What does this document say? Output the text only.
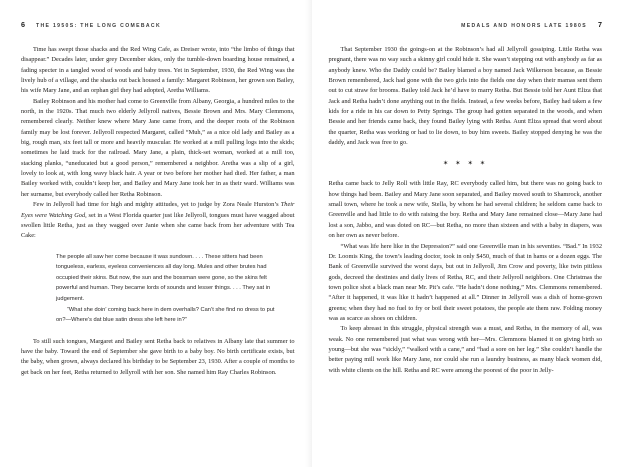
6 THE 1950S: THE LONG COMEBACK

Time has swept those shacks and the Red Wing Cafe, as Dreiser wrote, into “the limbo of things that disappear.” Decades later, under grey December skies, only the tumble-down boarding house remained, a fading specter in a tangled wood of woods and baby trees. Yet in September, 1930, the Red Wing was the lively hub of a village, and the shacks out back housed a family: Margaret Robinson, her grown son Bailey, his wife Mary Jane, and an orphan girl they had adopted, Aretha Williams.

Bailey Robinson and his mother had come to Greenville from Albany, Georgia, a hundred miles to the north, in the 1920s. That much two elderly Jellyroll natives, Bessie Brown and Mrs. Mary Clemmons, remembered clearly. Neither knew where Mary Jane came from, and the deeper roots of the Robinson family may be lost forever. Jellyroll respected Margaret, called “Muh,” as a nice old lady and Bailey as a big, rough man, six feet tall or more and heavily muscular. He worked at a mill pulling logs into the skids; sometimes he laid track for the railroad. Mary Jane, a plain, thick-set woman, worked at a mill too, stacking planks, “uneducated but a good person,” remembered a neighbor. Aretha was a slip of a girl, lovely to look at, with long wavy black hair. A year or two before her mother had died. Her father, a man Bailey worked with, couldn’t keep her, and Bailey and Mary Jane took her in as their ward. Williams was her surname, but everybody called her Retha Robinson.

Few in Jellyroll had time for high and mighty attitudes, yet to judge by Zora Neale Hurston’s Their Eyes were Watching God, set in a West Florida quarter just like Jellyroll, tongues must have wagged about swollen little Retha, just as they wagged over Janie when she came back from her adventure with Tea Cake:

The people all saw her come because it was sundown. . . . These sitters had been tongueless, earless, eyeless conveniences all day long. Mules and other brutes had occupied their skins. But now, the sun and the bossman were gone, so the skins felt powerful and human. They became lords of sounds and lesser things. . . . They sat in judgement.

“What she doin’ coming back here in dem overhalls? Can’t she find no dress to put on?—Where’s dat blue satin dress she left here in?”

To still such tongues, Margaret and Bailey sent Retha back to relatives in Albany late that summer to have the baby. Toward the end of September she gave birth to a baby boy. No birth certificate exists, but the baby, when grown, always declared his birthday to be September 23, 1930. After a couple of months to get back on her feet, Retha returned to Jellyroll with her son. She named him Ray Charles Robinson.

MEDALS AND HONORS LATE 1980S 7

That September 1930 the goings-on at the Robinson’s had all Jellyroll gossiping. Little Retha was pregnant, there was no way such a skinny girl could hide it. She wasn’t stepping out with anybody as far as anybody knew. Who the Daddy could be? Bailey blamed a boy named Jack Wilkerson because, as Bessie Brown remembered, Jack had gone with the two girls into the fields one day when their mamas sent them out to cut straw for brooms. Bailey told Jack he’d have to marry Retha. But Bessie told her Aunt Eliza that Jack and Retha hadn’t done anything out in the fields. Instead, a few weeks before, Bailey had taken a few kids for a ride in his car down to Petty Springs. The group had gotten separated in the woods, and when Bessie and her friends came back, they found Bailey lying with Retha. Aunt Eliza spread that word about the quarter, Retha was working or had to lie down, to buy him sweets. Bailey stopped denying he was the daddy, and Jack was free to go.

✶ ✶ ✶ ✶

Retha came back to Jelly Roll with little Ray, RC everybody called him, but there was no going back to how things had been. Bailey and Mary Jane soon separated, and Bailey moved south to Shamrock, another small town, where he took a new wife, Stella, by whom he had several children; he seldom came back to Greenville and had little to do with raising the boy. Retha and Mary Jane remained close—Mary Jane had lost a son, Jabbo, and was doted on RC—but Retha, no more than sixteen and with a baby in diapers, was on her own as never before.

“What was life here like in the Depression?” said one Greenville man in his seventies. “Bad.” In 1932 Dr. Loomis King, the town’s leading doctor, took in only $450, much of that in hams or a dozen eggs. The Bank of Greenville survived the worst days, but out in Jellyroll, Jim Crow and poverty, like twin pitiless gods, decreed the destinies and daily lives of Retha, RC, and their Jellyroll neighbors. One Christmas the town police shot a black man near Mr. Pit’s cafe. “He hadn’t done nothing,” Mrs. Clemmons remembered. “After it happened, it was like it hadn’t happened at all.” Dinner in Jellyroll was a dish of home-grown greens; when they had no fuel to fry or boil their sweet potatoes, the people ate them raw. Folding money was as scarce as shoes on children.

To keep abreast in this struggle, physical strength was a must, and Retha, in the memory of all, was weak. No one remembered just what was wrong with her—Mrs. Clemmons blamed it on giving birth so young—but she was “sickly,” “walked with a cane,” and “had a sore on her leg.” She couldn’t handle the better paying mill work like Mary Jane, nor could she run a laundry business, as many black women did, with white clients on the hill. Retha and RC were among the poorest of the poor in Jelly-
